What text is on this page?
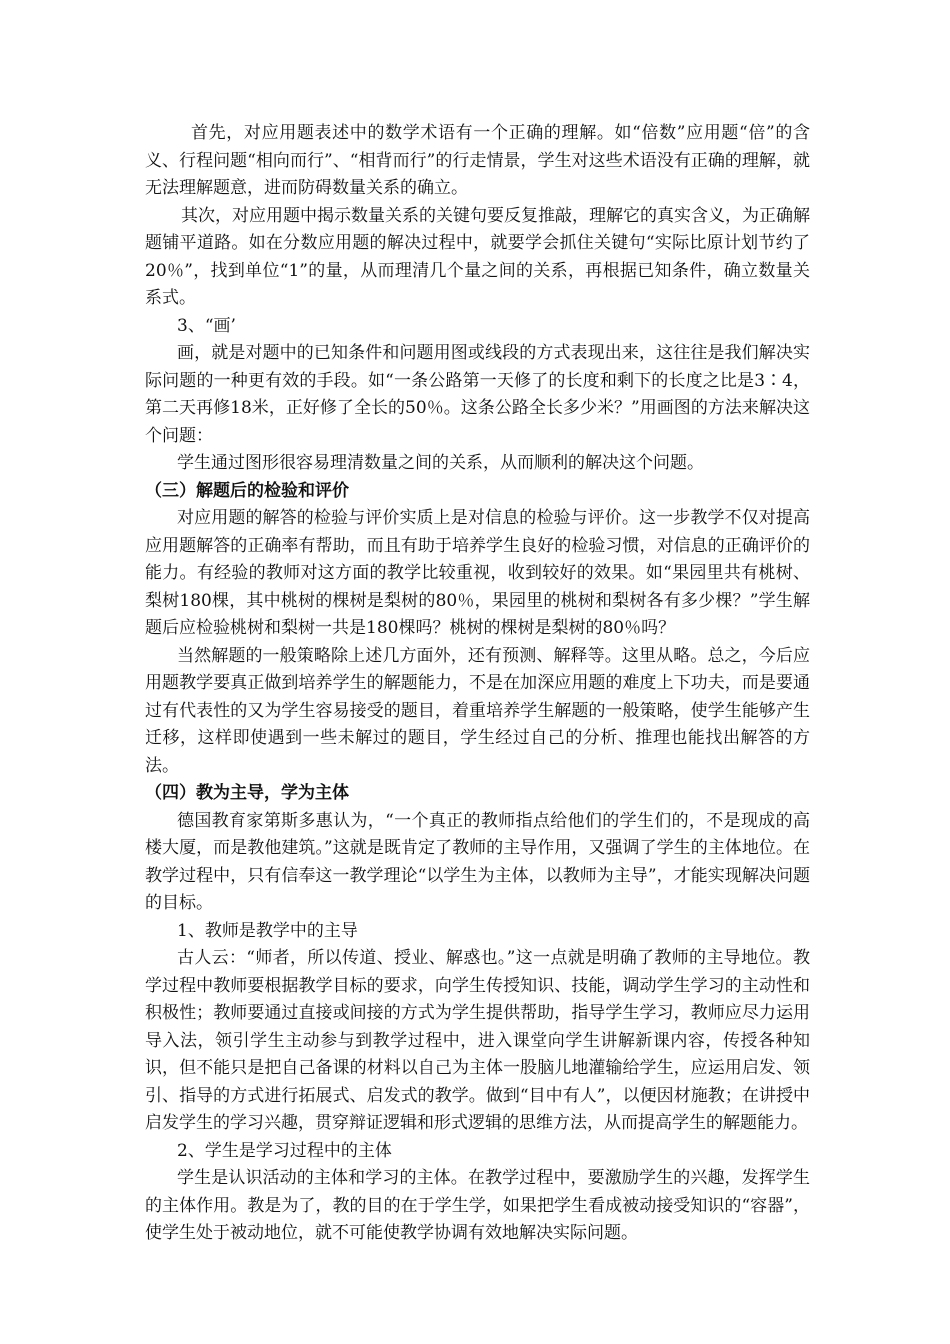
首先，对应用题表述中的数学术语有一个正确的理解。如“倍数”应用题“倍”的含义、行程问题“相向而行”、“相背而行”的行走情景，学生对这些术语没有正确的理解，就无法理解题意，进而防碍数量关系的确立。

其次，对应用题中揭示数量关系的关键句要反复推敲，理解它的真实含义，为正确解题铺平道路。如在分数应用题的解决过程中，就要学会抓住关键句“实际比原计划节约了20％”，找到单位“1”的量，从而理清几个量之间的关系，再根据已知条件，确立数量关系式。

3、“画’

画，就是对题中的已知条件和问题用图或线段的方式表现出来，这往往是我们解决实际问题的一种更有效的手段。如“一条公路第一天修了的长度和剩下的长度之比是3∶4，第二天再修18米，正好修了全长的50％。这条公路全长多少米？”用画图的方法来解决这个问题：

学生通过图形很容易理清数量之间的关系，从而顺利的解决这个问题。

（三）解题后的检验和评价

对应用题的解答的检验与评价实质上是对信息的检验与评价。这一步教学不仅对提高应用题解答的正确率有帮助，而且有助于培养学生良好的检验习惯，对信息的正确评价的能力。有经验的教师对这方面的教学比较重视，收到较好的效果。如“果园里共有桃树、梨树180棵，其中桃树的棵树是梨树的80％，果园里的桃树和梨树各有多少棵？”学生解题后应检验桃树和梨树一共是180棵吗？桃树的棵树是梨树的80％吗？

当然解题的一般策略除上述几方面外，还有预测、解释等。这里从略。总之，今后应用题教学要真正做到培养学生的解题能力，不是在加深应用题的难度上下功夫，而是要通过有代表性的又为学生容易接受的题目，着重培养学生解题的一般策略，使学生能够产生迁移，这样即使遇到一些未解过的题目，学生经过自己的分析、推理也能找出解答的方法。

（四）教为主导，学为主体

德国教育家第斯多惠认为，“一个真正的教师指点给他们的学生们的，不是现成的高楼大厦，而是教他建筑。”这就是既肯定了教师的主导作用，又强调了学生的主体地位。在教学过程中，只有信奉这一教学理论“以学生为主体，以教师为主导”，才能实现解决问题的目标。

1、教师是教学中的主导

古人云：“师者，所以传道、授业、解惑也。”这一点就是明确了教师的主导地位。教学过程中教师要根据教学目标的要求，向学生传授知识、技能，调动学生学习的主动性和积极性；教师要通过直接或间接的方式为学生提供帮助，指导学生学习，教师应尽力运用导入法，领引学生主动参与到教学过程中，进入课堂向学生讲解新课内容，传授各种知识，但不能只是把自己备课的材料以自己为主体一股脑儿地灌输给学生，应运用启发、领引、指导的方式进行拓展式、启发式的教学。做到“目中有人”，以便因材施教；在讲授中启发学生的学习兴趣，贯穿辩证逻辑和形式逻辑的思维方法，从而提高学生的解题能力。

2、学生是学习过程中的主体

学生是认识活动的主体和学习的主体。在教学过程中，要激励学生的兴趣，发挥学生的主体作用。教是为了，教的目的在于学生学，如果把学生看成被动接受知识的“容器”，使学生处于被动地位，就不可能使教学协调有效地解决实际问题。
